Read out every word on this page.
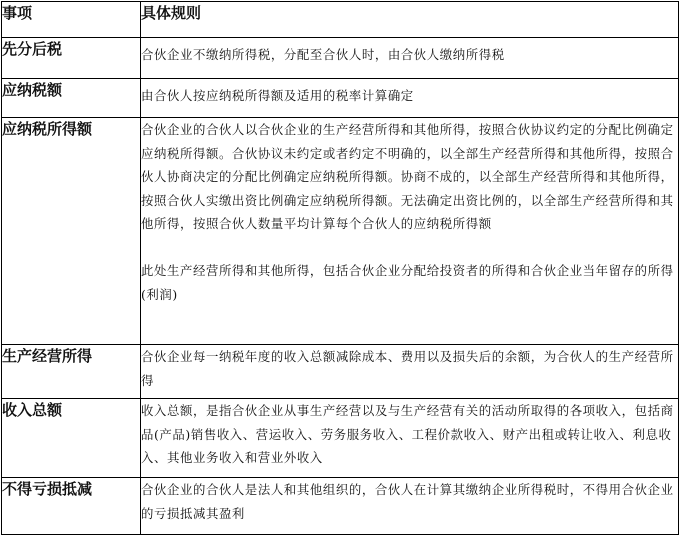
事项	具体规则
先分后税	合伙企业不缴纳所得税，分配至合伙人时，由合伙人缴纳所得税

应纳税额	由合伙人按应纳税所得额及适用的税率计算确定

应纳税所得额	合伙企业的合伙人以合伙企业的生产经营所得和其他所得，按照合伙协议约定的分配比例确定应纳税所得额。合伙协议未约定或者约定不明确的，以全部生产经营所得和其他所得，按照合伙人协商决定的分配比例确定应纳税所得额。协商不成的，以全部生产经营所得和其他所得，按照合伙人实缴出资比例确定应纳税所得额。无法确定出资比例的，以全部生产经营所得和其他所得，按照合伙人数量平均计算每个合伙人的应纳税所得额

此处生产经营所得和其他所得，包括合伙企业分配给投资者的所得和合伙企业当年留存的所得(利润)

生产经营所得	合伙企业每一纳税年度的收入总额减除成本、费用以及损失后的余额，为合伙人的生产经营所得

收入总额	收入总额，是指合伙企业从事生产经营以及与生产经营有关的活动所取得的各项收入，包括商品(产品)销售收入、营运收入、劳务服务收入、工程价款收入、财产出租或转让收入、利息收入、其他业务收入和营业外收入

不得亏损抵减	合伙企业的合伙人是法人和其他组织的，合伙人在计算其缴纳企业所得税时，不得用合伙企业的亏损抵减其盈利
